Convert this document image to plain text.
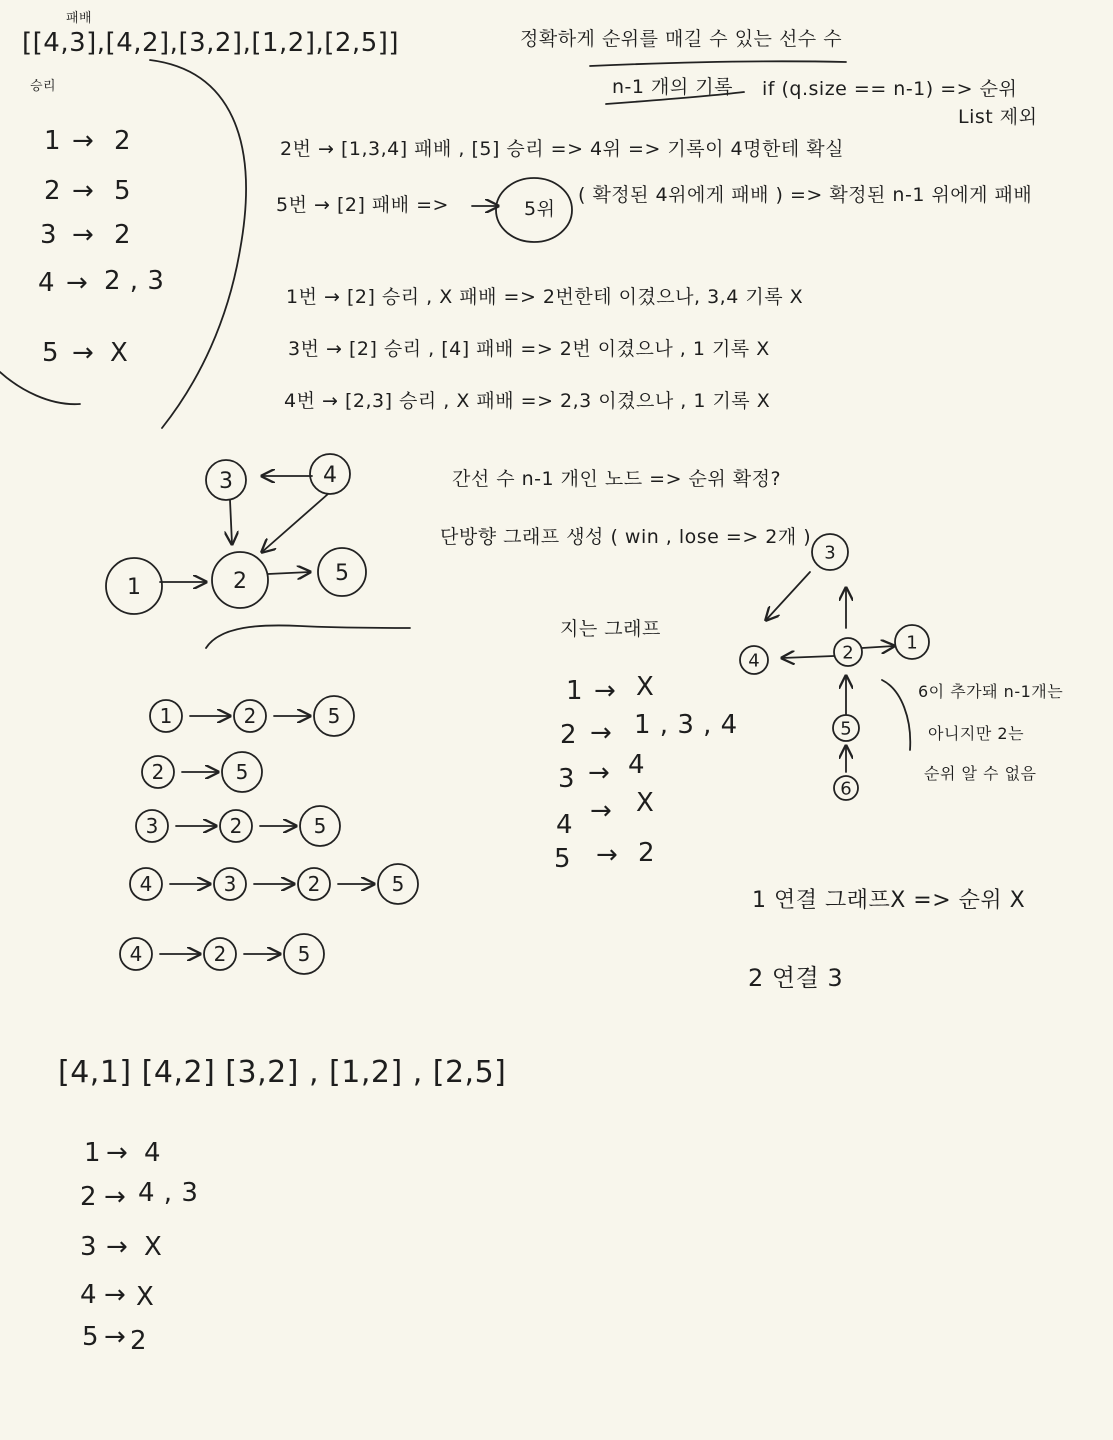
패배
[[4,3],[4,2],[3,2],[1,2],[2,5]]
승리
정확하게 순위를 매길 수 있는 선수 수
n-1 개의 기록 if (q.size == n-1) => 순위
List 제외
1 → 2
2 → 5
3 → 2
4 → 2 , 3
5 → X
2번 → [1,3,4] 패배 , [5] 승리 => 4위 => 기록이 4명한테 확실
5번 → [2] 패배 =>	5위
( 확정된 4위에게 패배 ) => 확정된 n-1 위에게 패배
1번 → [2] 승리 , X 패배 => 2번한테 이겼으나, 3,4 기록 X
3번 → [2] 승리 , [4] 패배 => 2번 이겼으나 , 1 기록 X
4번 → [2,3] 승리 , X 패배 => 2,3 이겼으나 , 1 기록 X
간선 수 n-1 개인 노드 => 순위 확정?
단방향 그래프 생성 ( win , lose => 2개 )
지는 그래프
1 → X
2 → 1 , 3 , 4
3 → 4
4 → X
5 → 2
6이 추가돼 n-1개는
아니지만 2는
순위 알 수 없음
1 연결 그래프X => 순위 X
2 연결 3
[4,1] [4,2] [3,2] , [1,2] , [2,5]
1 → 4
2 → 4 , 3
3 → X
4 → X
5 → 2
1	2
3	4
5
1	2	5
2	5
3	2	5
4	3	2	5
4	2	5
1
2
3
4
5
6
